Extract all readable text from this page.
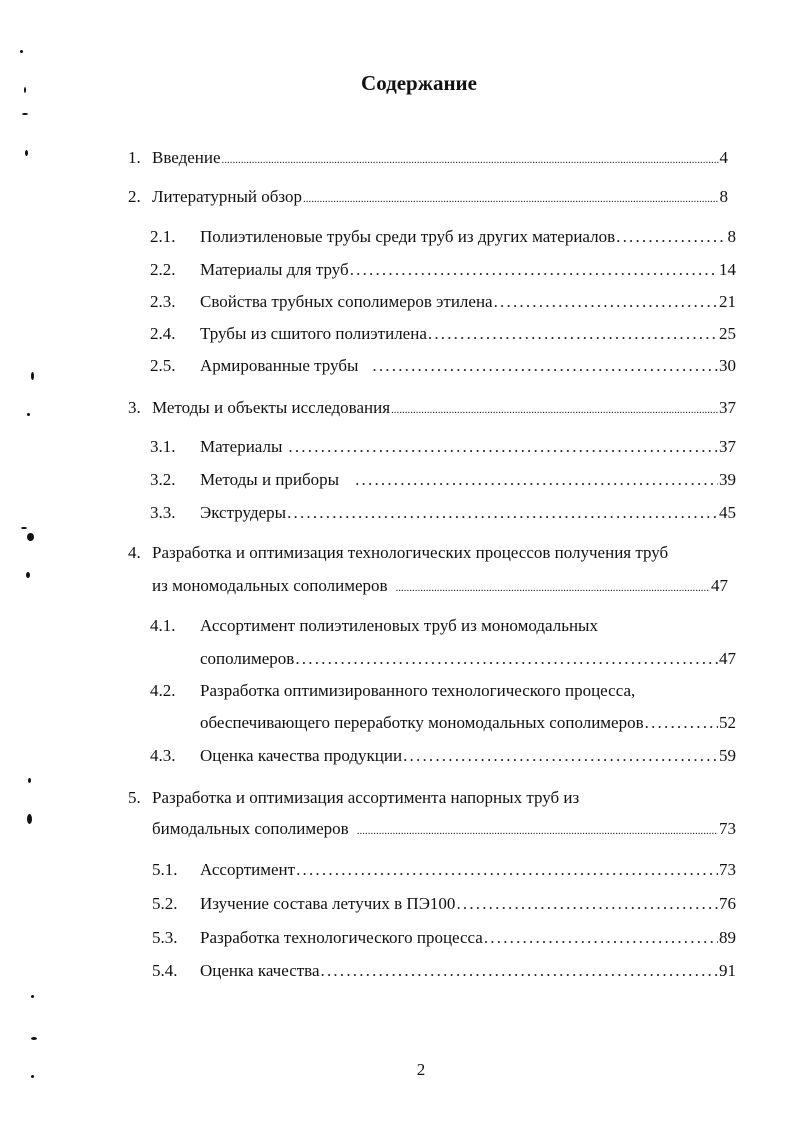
Содержание
1. Введение .....	4
2. Литературный обзор .....	8
2.1.	Полиэтиленовые трубы среди труб из других материалов .....	8
2.2.	Материалы для труб .....	14
2.3.	Свойства трубных сополимеров этилена .....	21
2.4.	Трубы из сшитого полиэтилена .....	25
2.5.	Армированные трубы .....	30
3. Методы и объекты исследования .....	37
3.1.	Материалы .....	37
3.2.	Методы и приборы .....	39
3.3.	Экструдеры .....	45
4. Разработка и оптимизация технологических процессов получения труб
из мономодальных сополимеров .....	47
4.1.	Ассортимент полиэтиленовых труб из мономодальных
сополимеров .....	47
4.2.	Разработка оптимизированного технологического процесса,
обеспечивающего переработку мономодальных сополимеров .....	52
4.3.	Оценка качества продукции .....	59
5. Разработка и оптимизация ассортимента напорных труб из
бимодальных сополимеров .....	73
5.1.	Ассортимент .....	73
5.2.	Изучение состава летучих в ПЭ100 .....	76
5.3.	Разработка технологического процесса .....	89
5.4.	Оценка качества .....	91
2
